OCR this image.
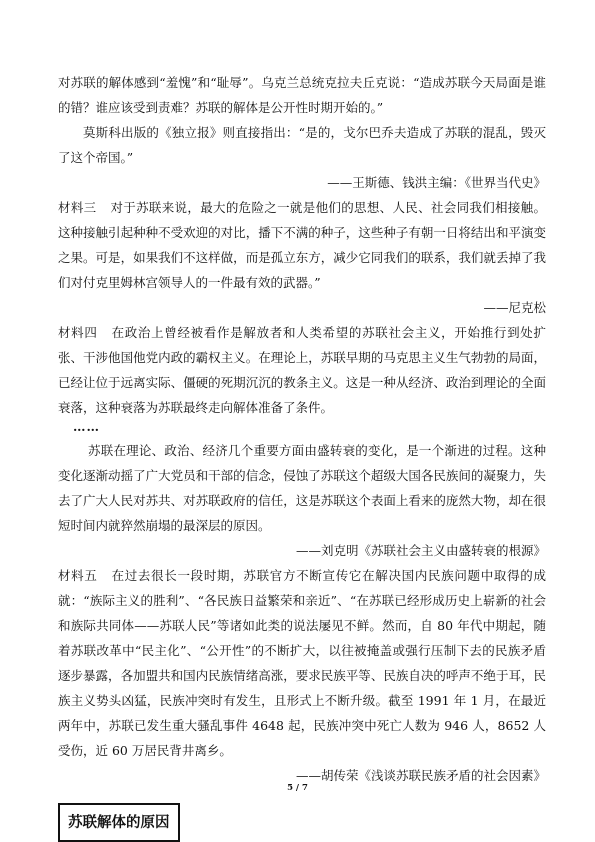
对苏联的解体感到“羞愧”和“耻辱”。乌克兰总统克拉夫丘克说：“造成苏联今天局面是谁的错？谁应该受到责难？苏联的解体是公开性时期开始的。”

莫斯科出版的《独立报》则直接指出：“是的，戈尔巴乔夫造成了苏联的混乱，毁灭了这个帝国。”

——王斯德、钱洪主编：《世界当代史》

材料三 对于苏联来说，最大的危险之一就是他们的思想、人民、社会同我们相接触。这种接触引起种种不受欢迎的对比，播下不满的种子，这些种子有朝一日将结出和平演变之果。可是，如果我们不这样做，而是孤立东方，减少它同我们的联系，我们就丢掉了我们对付克里姆林宫领导人的一件最有效的武器。”

——尼克松

材料四 在政治上曾经被看作是解放者和人类希望的苏联社会主义，开始推行到处扩张、干涉他国他党内政的霸权主义。在理论上，苏联早期的马克思主义生气勃勃的局面，已经让位于远离实际、僵硬的死期沉沉的教条主义。这是一种从经济、政治到理论的全面衰落，这种衰落为苏联最终走向解体准备了条件。

……

苏联在理论、政治、经济几个重要方面由盛转衰的变化，是一个渐进的过程。这种变化逐渐动摇了广大党员和干部的信念，侵蚀了苏联这个超级大国各民族间的凝聚力，失去了广大人民对苏共、对苏联政府的信任，这是苏联这个表面上看来的庞然大物，却在很短时间内就猝然崩塌的最深层的原因。

——刘克明《苏联社会主义由盛转衰的根源》

材料五 在过去很长一段时期，苏联官方不断宣传它在解决国内民族问题中取得的成就：“族际主义的胜利”、“各民族日益繁荣和亲近”、“在苏联已经形成历史上崭新的社会和族际共同体——苏联人民”等诸如此类的说法屡见不鲜。然而，自 80 年代中期起，随着苏联改革中“民主化”、“公开性”的不断扩大，以往被掩盖或强行压制下去的民族矛盾逐步暴露，各加盟共和国内民族情绪高涨，要求民族平等、民族自决的呼声不绝于耳，民族主义势头凶猛，民族冲突时有发生，且形式上不断升级。截至 1991 年 1 月，在最近两年中，苏联已发生重大骚乱事件 4648 起，民族冲突中死亡人数为 946 人，8652 人受伤，近 60 万居民背井离乡。

——胡传荣《浅谈苏联民族矛盾的社会因素》

苏联解体的原因
5 / 7
